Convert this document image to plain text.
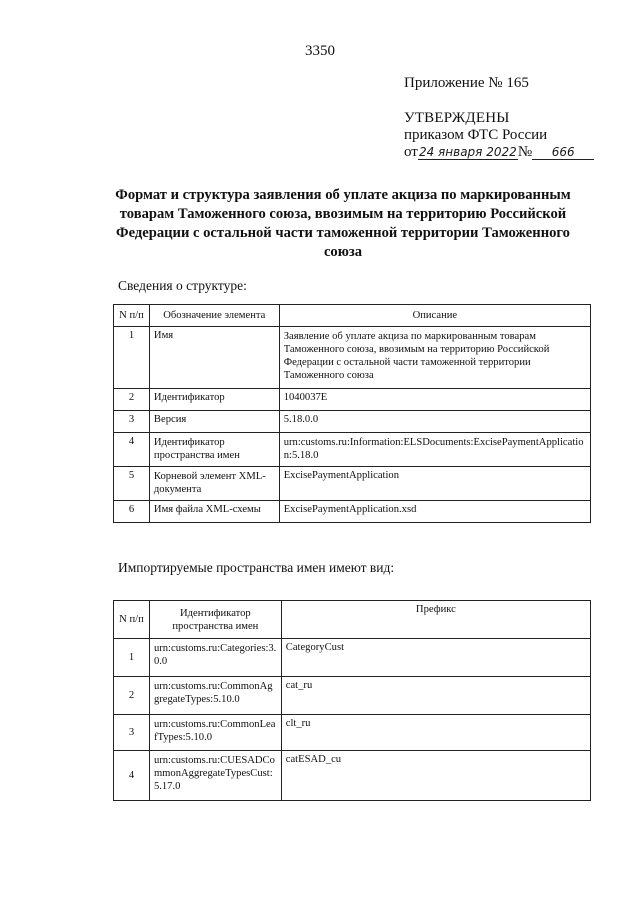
3350
Приложение № 165
УТВЕРЖДЕНЫ
приказом ФТС России
от24 января 2022№ 666
Формат и структура заявления об уплате акциза по маркированным товарам Таможенного союза, ввозимым на территорию Российской Федерации с остальной части таможенной территории Таможенного союза
Сведения о структуре:
N п/п	Обозначение элемента	Описание
1	Имя	Заявление об уплате акциза по маркированным товарам Таможенного союза, ввозимым на территорию Российской Федерации с остальной части таможенной территории Таможенного союза
2	Идентификатор	1040037E
3	Версия	5.18.0.0
4	Идентификатор пространства имен	urn:customs.ru:Information:ELSDocuments:ExcisePaymentApplication:5.18.0
5	Корневой элемент XML-документа	ExcisePaymentApplication
6	Имя файла XML-схемы	ExcisePaymentApplication.xsd
Импортируемые пространства имен имеют вид:
N п/п	Идентификатор пространства имен	Префикс
1	urn:customs.ru:Categories:3.0.0	CategoryCust
2	urn:customs.ru:CommonAggregateTypes:5.10.0	cat_ru
3	urn:customs.ru:CommonLeafTypes:5.10.0	clt_ru
4	urn:customs.ru:CUESADCommonAggregateTypesCust:5.17.0	catESAD_cu
